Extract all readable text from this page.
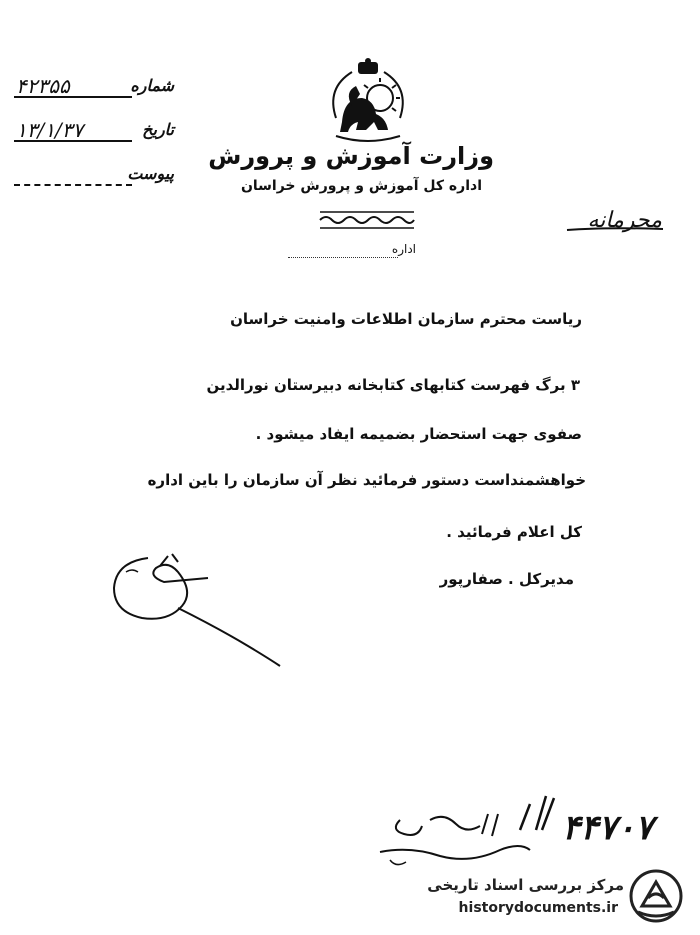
شماره
۴۲۳۵۵
تاریخ
۱۳/۱/۳۷
پیوست
وزارت آموزش و پرورش
اداره کل آموزش و پرورش خراسان
اداره
محرمانه
ریاست محترم سازمان اطلاعات وامنیت خراسان
۳ برگ فهرست کتابهای کتابخانه دبیرستان نورالدین
صفوی جهت استحضار بضمیمه ایفاد میشود .
خواهشمنداست دستور فرمائید نظر آن سازمان را باین اداره
کل اعلام فرمائید .
مدیرکل . صفارپور
۴۴۷۰۷
مرکز بررسی اسناد تاریخی
historydocuments.ir
